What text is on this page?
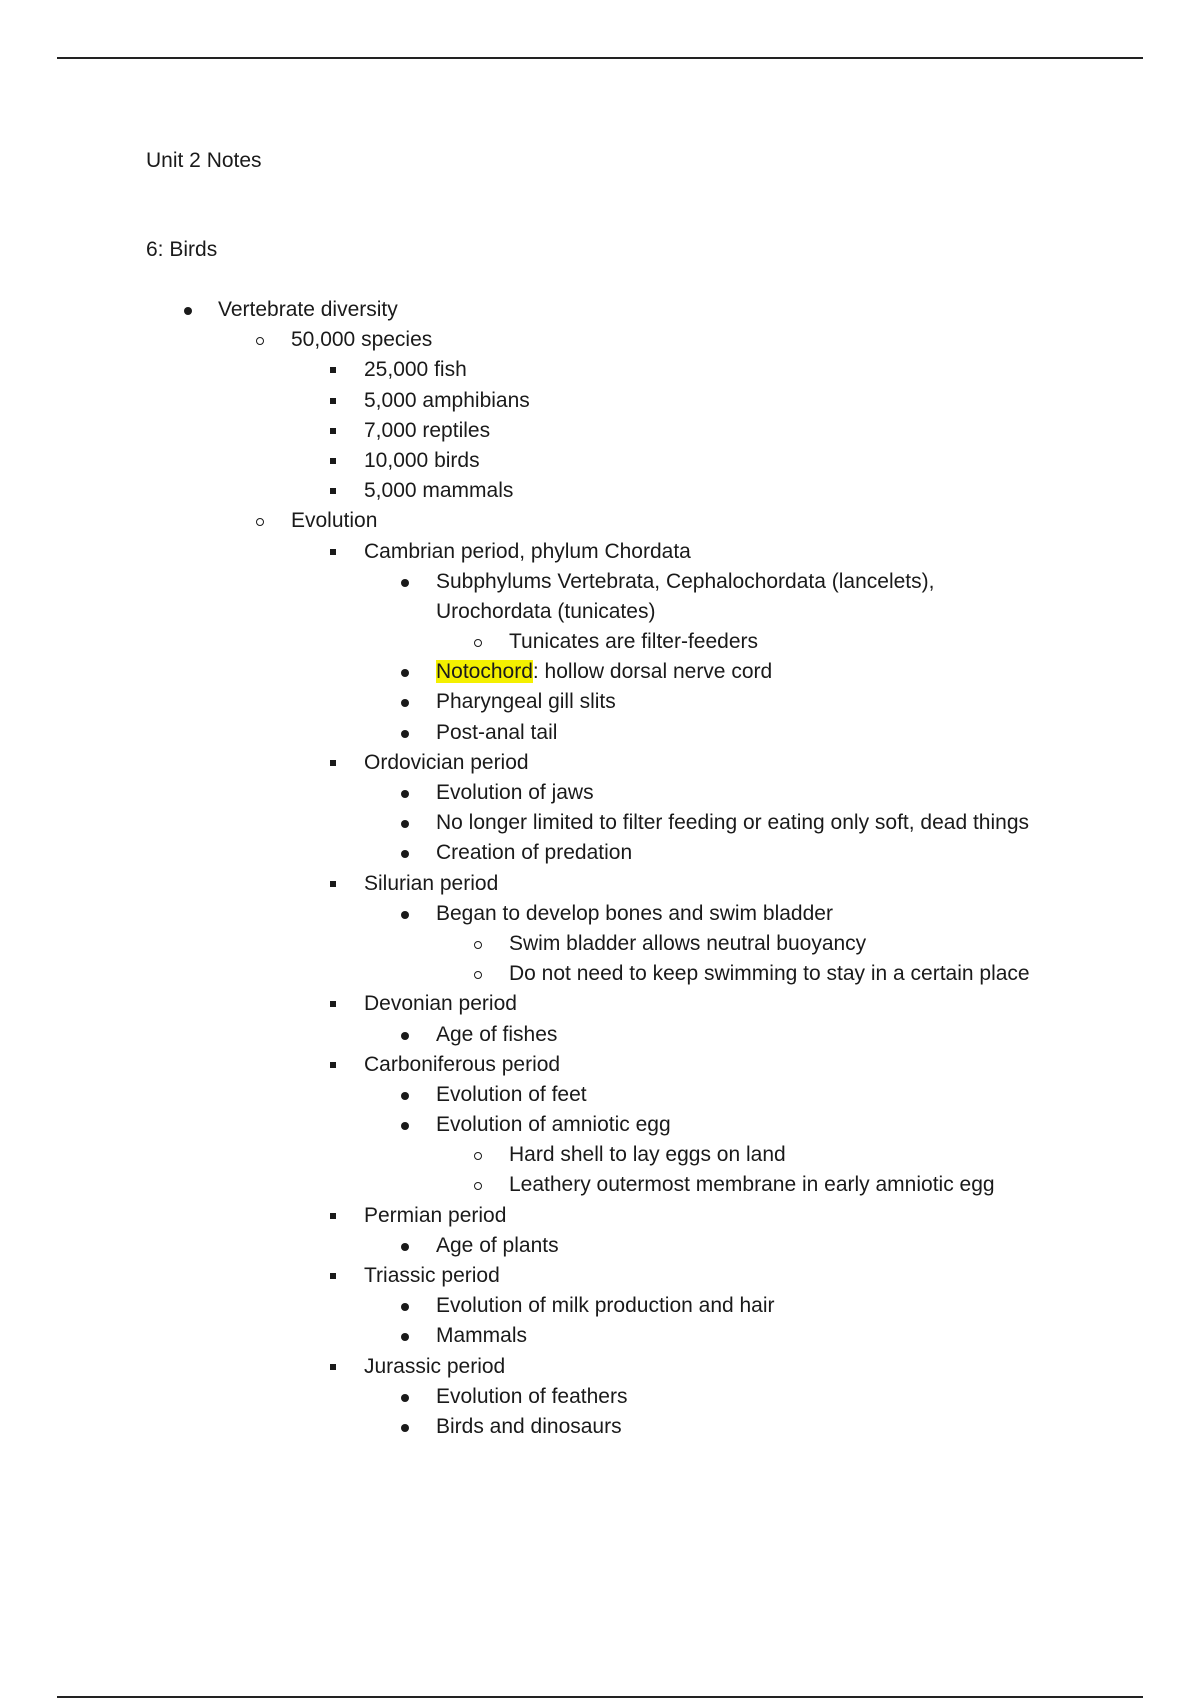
Unit 2 Notes
6: Birds
Vertebrate diversity
50,000 species
25,000 fish
5,000 amphibians
7,000 reptiles
10,000 birds
5,000 mammals
Evolution
Cambrian period, phylum Chordata
Subphylums Vertebrata, Cephalochordata (lancelets), Urochordata (tunicates)
Tunicates are filter-feeders
Notochord: hollow dorsal nerve cord
Pharyngeal gill slits
Post-anal tail
Ordovician period
Evolution of jaws
No longer limited to filter feeding or eating only soft, dead things
Creation of predation
Silurian period
Began to develop bones and swim bladder
Swim bladder allows neutral buoyancy
Do not need to keep swimming to stay in a certain place
Devonian period
Age of fishes
Carboniferous period
Evolution of feet
Evolution of amniotic egg
Hard shell to lay eggs on land
Leathery outermost membrane in early amniotic egg
Permian period
Age of plants
Triassic period
Evolution of milk production and hair
Mammals
Jurassic period
Evolution of feathers
Birds and dinosaurs
